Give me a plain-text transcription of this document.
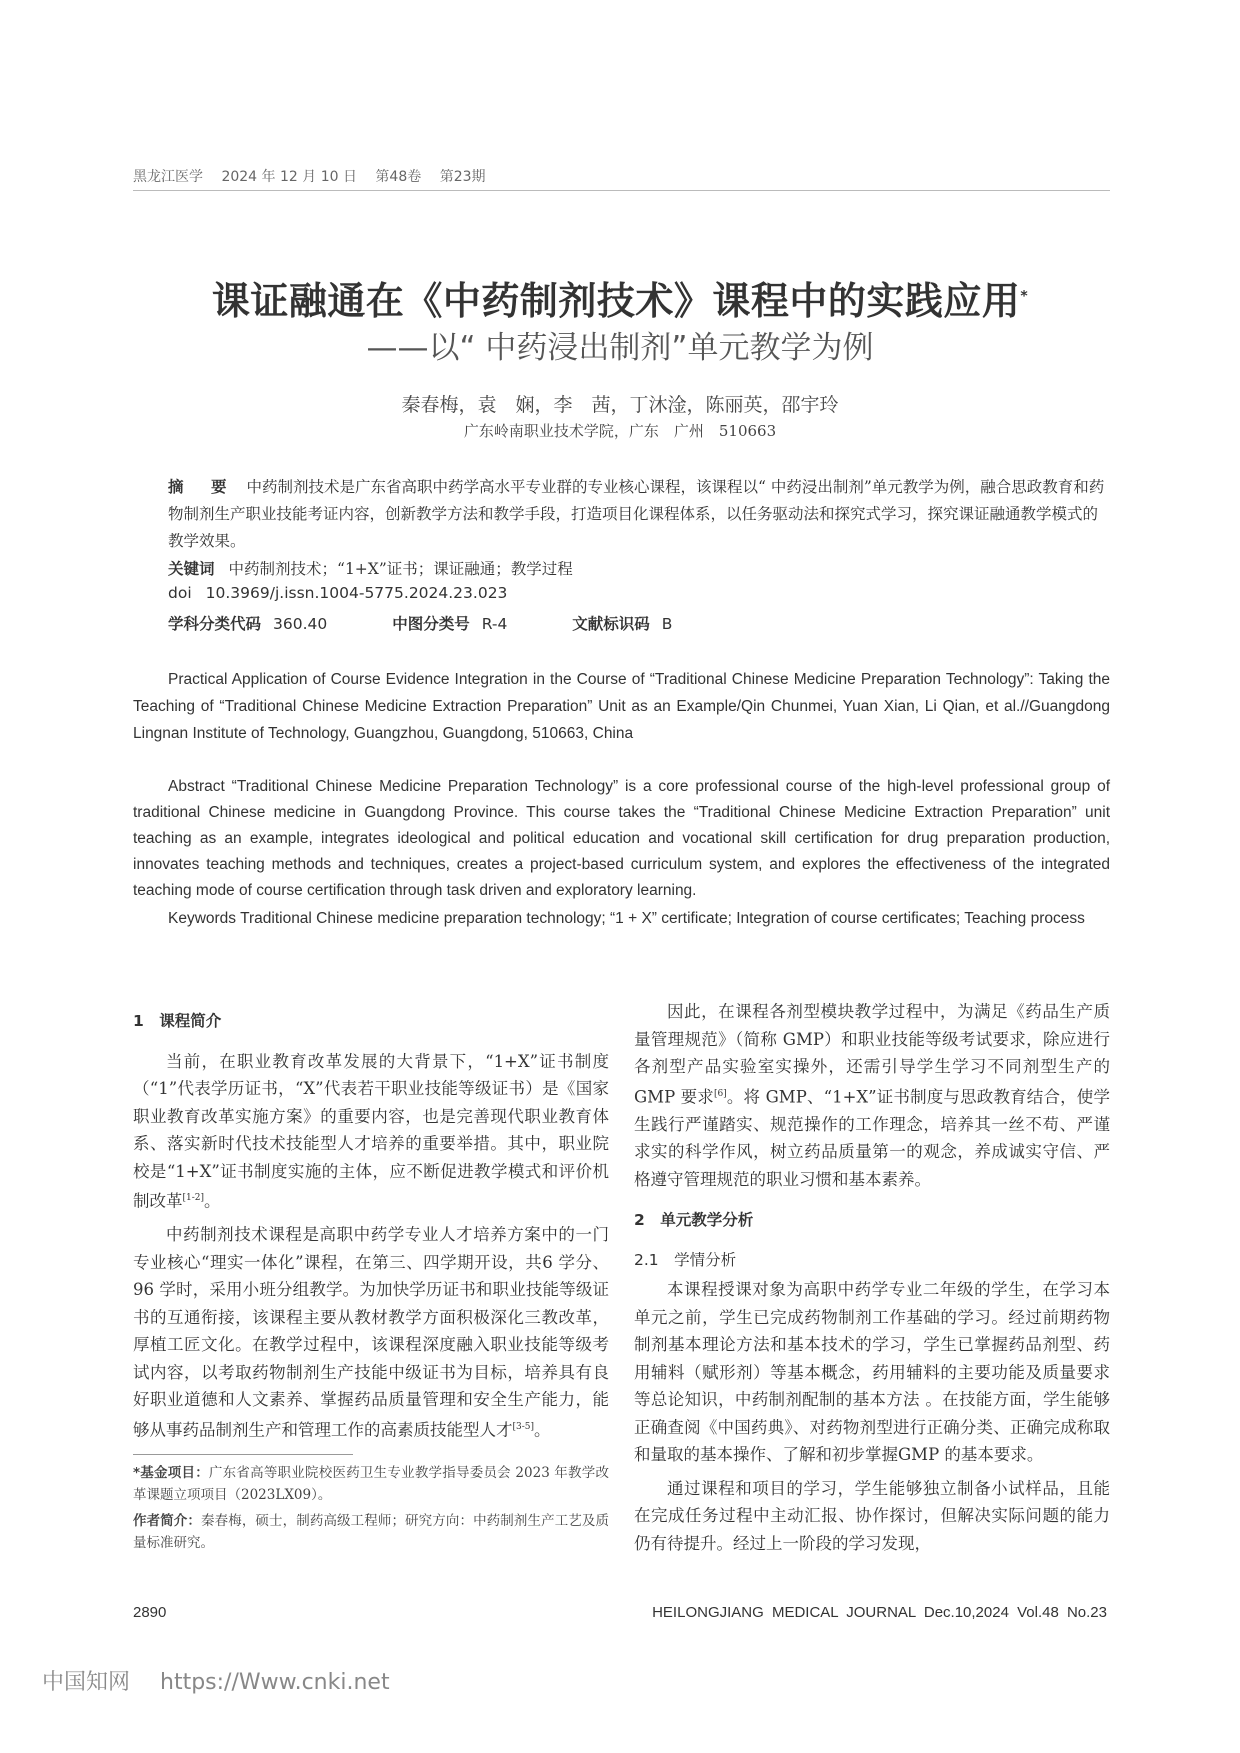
黑龙江医学 2024 年 12 月 10 日 第48卷 第23期
课证融通在《中药制剂技术》课程中的实践应用*
——以“ 中药浸出制剂”单元教学为例
秦春梅，袁　娴，李　茜，丁沐淦，陈丽英，邵宇玲
广东岭南职业技术学院，广东　广州　510663
摘　要 中药制剂技术是广东省高职中药学高水平专业群的专业核心课程，该课程以“ 中药浸出制剂”单元教学为例，融合思政教育和药物制剂生产职业技能考证内容，创新教学方法和教学手段，打造项目化课程体系，以任务驱动法和探究式学习，探究课证融通教学模式的教学效果。
关键词 中药制剂技术；“1+X”证书；课证融通；教学过程
doi 10.3969/j.issn.1004-5775.2024.23.023
学科分类代码 360.40	中图分类号 R-4	文献标识码 B
Practical Application of Course Evidence Integration in the Course of “Traditional Chinese Medicine Preparation Technology”: Taking the Teaching of “Traditional Chinese Medicine Extraction Preparation” Unit as an Example/Qin Chunmei, Yuan Xian, Li Qian, et al.//Guangdong Lingnan Institute of Technology, Guangzhou, Guangdong, 510663, China
Abstract “Traditional Chinese Medicine Preparation Technology” is a core professional course of the high-level professional group of traditional Chinese medicine in Guangdong Province. This course takes the “Traditional Chinese Medicine Extraction Preparation” unit teaching as an example, integrates ideological and political education and vocational skill certification for drug preparation production, innovates teaching methods and techniques, creates a project-based curriculum system, and explores the effectiveness of the integrated teaching mode of course certification through task driven and exploratory learning.
Keywords Traditional Chinese medicine preparation technology; “1 + X” certificate; Integration of course certificates; Teaching process
1　课程简介

当前，在职业教育改革发展的大背景下，“1+X”证书制度（“1”代表学历证书，“X”代表若干职业技能等级证书）是《国家职业教育改革实施方案》的重要内容，也是完善现代职业教育体系、落实新时代技术技能型人才培养的重要举措。其中，职业院校是“1+X”证书制度实施的主体，应不断促进教学模式和评价机制改革[1-2]。

中药制剂技术课程是高职中药学专业人才培养方案中的一门专业核心“理实一体化”课程，在第三、四学期开设，共6 学分、96 学时，采用小班分组教学。为加快学历证书和职业技能等级证书的互通衔接，该课程主要从教材教学方面积极深化三教改革，厚植工匠文化。在教学过程中，该课程深度融入职业技能等级考试内容，以考取药物制剂生产技能中级证书为目标，培养具有良好职业道德和人文素养、掌握药品质量管理和安全生产能力，能够从事药品制剂生产和管理工作的高素质技能型人才[3-5]。

*基金项目：广东省高等职业院校医药卫生专业教学指导委员会 2023 年教学改革课题立项项目（2023LX09）。

作者简介：秦春梅，硕士，制药高级工程师；研究方向：中药制剂生产工艺及质量标准研究。

因此，在课程各剂型模块教学过程中，为满足《药品生产质量管理规范》（简称 GMP）和职业技能等级考试要求，除应进行各剂型产品实验室实操外，还需引导学生学习不同剂型生产的 GMP 要求[6]。将 GMP、“1+X”证书制度与思政教育结合，使学生践行严谨踏实、规范操作的工作理念，培养其一丝不苟、严谨求实的科学作风，树立药品质量第一的观念，养成诚实守信、严格遵守管理规范的职业习惯和基本素养。

2　单元教学分析
2.1　学情分析

本课程授课对象为高职中药学专业二年级的学生，在学习本单元之前，学生已完成药物制剂工作基础的学习。经过前期药物制剂基本理论方法和基本技术的学习，学生已掌握药品剂型、药用辅料（赋形剂）等基本概念，药用辅料的主要功能及质量要求等总论知识，中药制剂配制的基本方法 。在技能方面，学生能够正确查阅《中国药典》、对药物剂型进行正确分类、正确完成称取和量取的基本操作、了解和初步掌握GMP 的基本要求。

通过课程和项目的学习，学生能够独立制备小试样品，且能在完成任务过程中主动汇报、协作探讨，但解决实际问题的能力仍有待提升。经过上一阶段的学习发现，

2890	HEILONGJIANG MEDICAL JOURNAL Dec.10,2024 Vol.48 No.23
中国知网 https://Www.cnki.net
